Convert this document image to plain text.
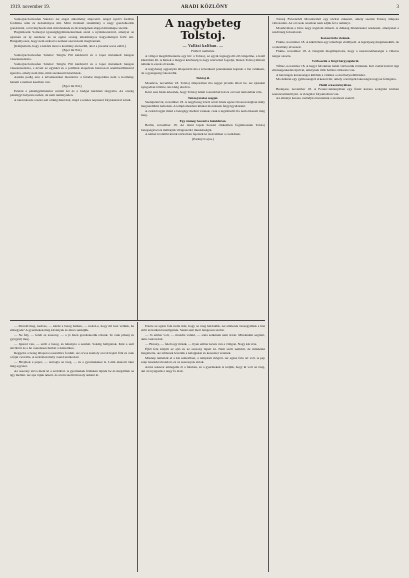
1919. november 19.	ARADI KÖZLÖNY	3

Somorjai-Somosfen Sándor: Az angol alkotmány alapvetői. Angol nyelvi fordítás fordítása után és tudományos mű. Mint történeti tanulmány a nagy gondolkodók gondolatai, a törvényhozás mai mívelésének és dicsőségének alapjai mintaképe szerint.

Haglalkozik Somorjai igazságügyminiszteréinek azzal a nyilatkozatával, amelyet az ujonnan az új rendszer és az egész ország alkotmányos hagyományai felől tett. Hangsúlyozza, hogy nem szabad a nemzet szervezetét megbontani.

(Kifejtettem, hogy a kérdés most a kormány elé került, ahol a javaslat sorsa eldől.)

(Eger mr Pál.)

Somorjai-Somosfen Sándor: Sürgős Fül kérdésről és a lapot mérsékelt hangon visszautasította.

Somorjai-Somosfen Sándor: Sürgős Fül kérdésről és a lapot mérsékelt hangon visszautasította, s érveit az egyházi és a politikai alapelvek határozott szembeállításával igazolta, amely nem más, mint szerkesztő kísérletek.

Azután pedig erre a következőket mondotta: a feladat megoldása nem a kormány, hanem a nemzet kezében van.

(Eger mr Pál.)

Ezután a pénzügyminiszter szólalt fel és a budget kérdését tárgyalta. Az ország pénzügyi helyzete nehéz, de nem reménytelen.

A tanácskozás a késő esti órákig húzódott, majd a rendes napirend folytatásával zárult.

A nagybeteg Tolstoj.
— Vallási kaliban. —
Fütberi tudósítás.

A világot megdöbbentette egy hír: a Tolstoj, az egyik legnagyobb élő lángelme, a halál küszöbén áll. A hírnek a magyar közönség is nagy részvéttel fogadja, hiszen Tolstoj műveit nálunk is ezrek olvassák.

A nagybeteg aggastyán állapotáról ma a következő jelentéseket kaptuk: a láz csökkent, de a gyengeség fokozódik.

Tolstoj él.

Moszkva, november 18. Tolstoj állapotában ma reggel javulás állott be. Az éjszakát nyugodtan töltötte, kis ideig aludt is.

Késő este hírek érkeztek, hogy Tolstoj ismét rosszabbul lett és orvosai lemondtak róla.

Tolstoj utolsó napjai.

Szentpétervár, november 18. A nagybeteg íróról szóló hírek egész Oroszországban mély megrendülést keltettek. A templomokban imákat mondanak felgyógyulásáért.

A család tagjai mind a betegágy mellett vannak, csak a legidősebb fia nem érkezett még meg.

Egy önmeg Sesszél a haloldéron.

Berlin, november 18. Az itteni lapok hosszú cikkekben foglalkoznak Tolstoj betegségével és méltatják világraszóló munkásságát.

A német irodalmi körök táviratban fejezték ki részvétüket a családnak.

(Parányi Lajos.)

Tolstoj Flórenzből Moszkvából egy távirat érkezett, amely szerint Tolstoj állapota változatlan. Az orvosok azonban nem adják fel a reményt.

Moszkvában e hírre nagy izgalom támadt. A diákság tüntetéseket rendezett, amelyeket a rendőrség feloszlatott.

Katasztrófa vizének.

Fiume, november 18. A kikötőben egy teherhajó elsüllyedt. A legénység megmenekült, de a rakomány elveszett.

Fiume, november 18. A vizsgálat megállapította, hogy a szerencsétlenséget a viharos tenger okozta.

Vérboszúk a főrgi bárgyágukról.

Tiflisz, november 18. A hegyi falvakban ismét vérboszúk történtek. Két család között régi ellenségeskedés újult ki, amelynek több halálos áldozata van.

A hatóságok katonaságot küldtek a vidékre a rend helyreállítására.

Ma délután egy gyilkosságról érkezett hír, amely a környék lakosságát nagyon felizgatta.

Halál a kaszárnyában.

Budapest, november 18. A Ferenc-laktanyában egy fiatal katona szolgálat közben szerencsétlenül járt. A vizsgálat folyamatban van.

Az elhunyt katona családját értesítették a szomorú esetről.

— Mondd meg, kedves, — kérdé a beteg halkan, — tudod-e, hogy mi lesz velünk, ha elmegyek? A gyermekek még kicsinyek és nincs senkijük.

— Ne félj, — felelt az asszony, — a jó Isten gondoskodik rólunk. Te csak pihenj és gyógyulj meg.

— Igazad van, — szólt a beteg, és lehunyta a szemét. Sokáig hallgattak. Kint a szél süvöltött és a hó csendesen hullott a háztetőkre.

Reggelre a beteg állapota rosszabbra fordult. Az orvos komoly arccal hajolt fölé és csak a fejét csóválta. A szobában mély csend uralkodott.

— Hívjátok a papot, — suttogta az öreg, — és a gyermekeket is. Látni akarom őket még egyszer.

Az asszony sírva ment ki a szobából. A gyermekek félénken léptek be és megálltak az ágy mellett. Az apa rájuk nézett, és arcán szelíd mosoly suhant át.

Estére az egész falu tudta már, hogy az öreg haldoklik. Az emberek összegyűltek a ház előtt és halkan beszélgettek. Senki sem mert hangosan szólni.

— Jó ember volt, — mondta valaki, — soha senkinek nem ártott. Mindenkin segített, akin csak tudott.

— Bizony, — felelt egy másik, — ilyen ember kevés van a világon. Nagy kár érte.

Éjfél felé kinyílt az ajtó és az asszony lépett ki. Nem szólt semmit, de mindenki megértette. Az emberek levették a kalapjukat és keresztet vetettek.

Másnap temették el a kis temetőben, a templom mögött. Az egész falu ott volt. A pap szép beszédet mondott, és az asszonyok sírtak.

Azóta sokszor emlegetik őt a faluban, és a gyermekek is tudják, hogy ki volt az öreg, aki ott nyugszik a nagy fa alatt.
